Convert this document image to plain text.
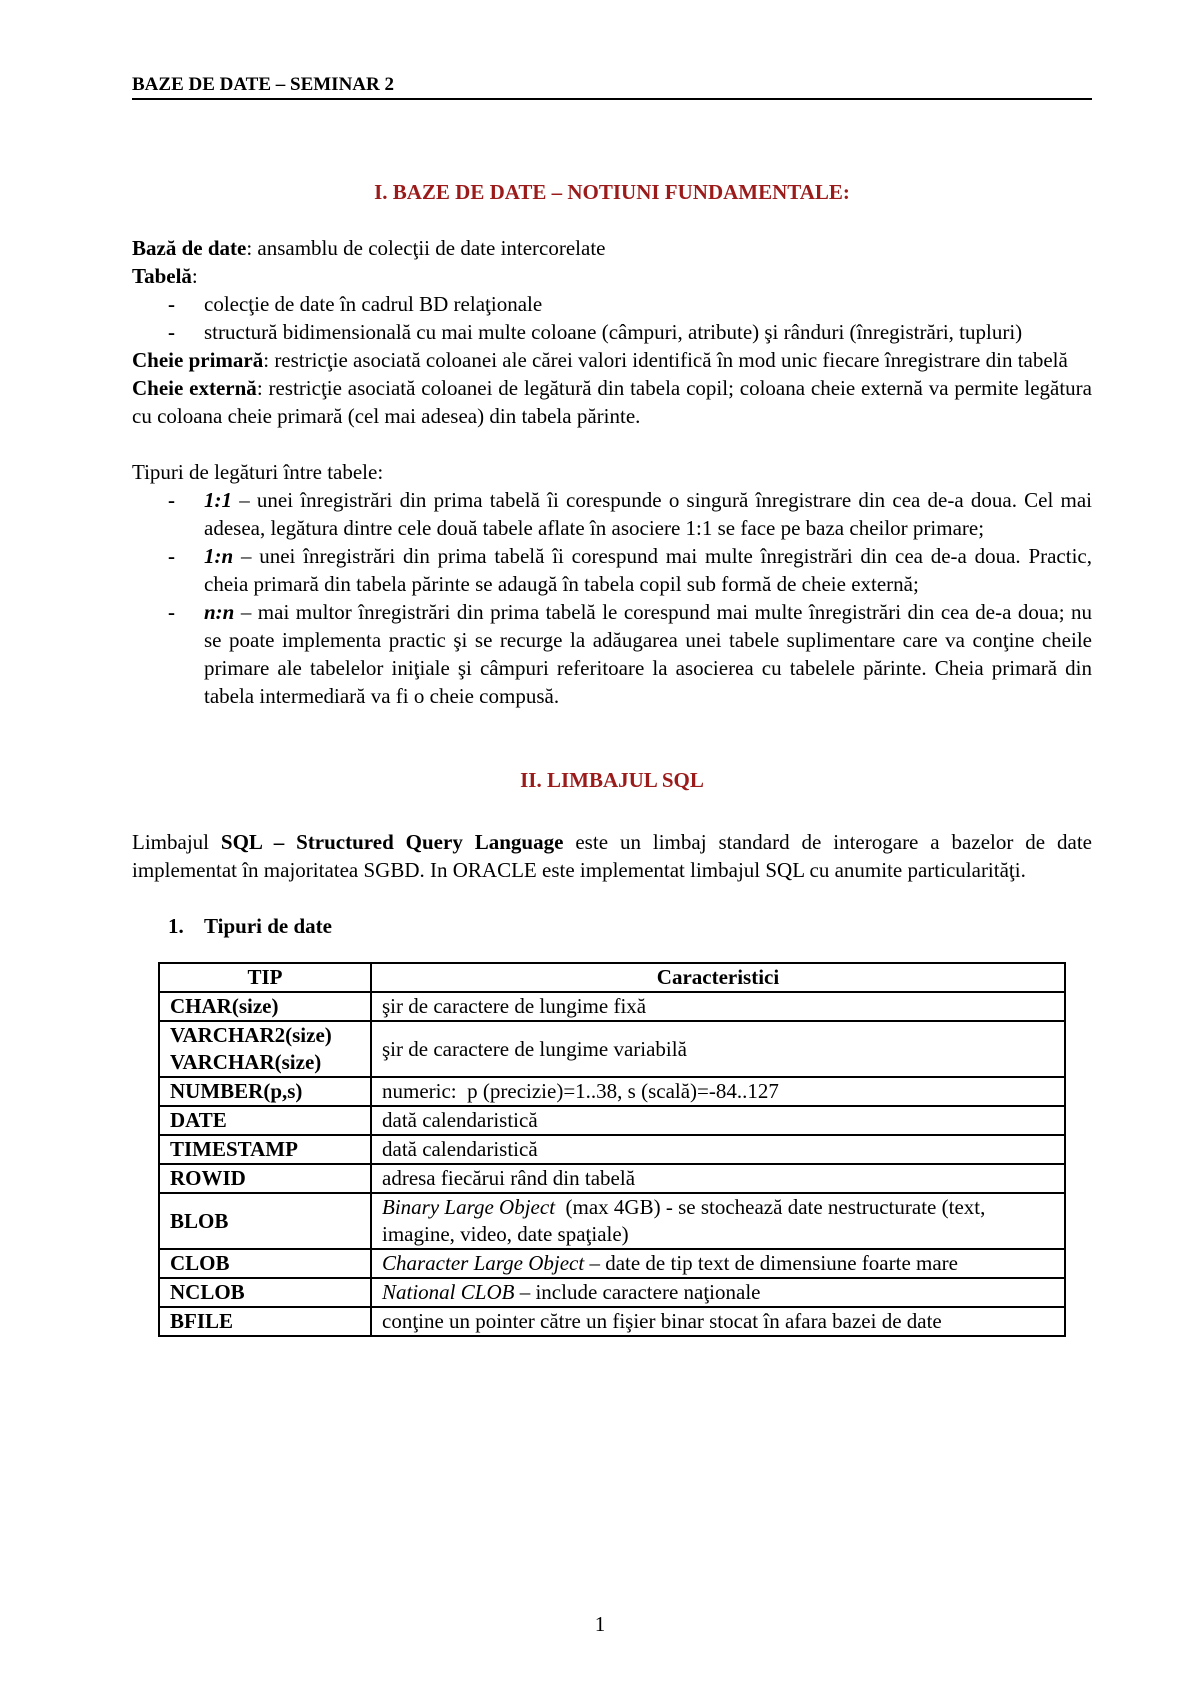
BAZE DE DATE – SEMINAR 2

I. BAZE DE DATE – NOTIUNI FUNDAMENTALE:

Bază de date: ansamblu de colecţii de date intercorelate

Tabelă:

-	colecţie de date în cadrul BD relaţionale
-	structură bidimensională cu mai multe coloane (câmpuri, atribute) şi rânduri (înregistrări, tupluri)

Cheie primară: restricţie asociată coloanei ale cărei valori identifică în mod unic fiecare înregistrare din tabelă

Cheie externă: restricţie asociată coloanei de legătură din tabela copil; coloana cheie externă va permite legătura cu coloana cheie primară (cel mai adesea) din tabela părinte.

Tipuri de legături între tabele:

-	1:1 – unei înregistrări din prima tabelă îi corespunde o singură înregistrare din cea de-a doua. Cel mai adesea, legătura dintre cele două tabele aflate în asociere 1:1 se face pe baza cheilor primare;
-	1:n – unei înregistrări din prima tabelă îi corespund mai multe înregistrări din cea de-a doua. Practic, cheia primară din tabela părinte se adaugă în tabela copil sub formă de cheie externă;
-	n:n – mai multor înregistrări din prima tabelă le corespund mai multe înregistrări din cea de-a doua; nu se poate implementa practic şi se recurge la adăugarea unei tabele suplimentare care va conţine cheile primare ale tabelelor iniţiale şi câmpuri referitoare la asocierea cu tabelele părinte. Cheia primară din tabela intermediară va fi o cheie compusă.

II. LIMBAJUL SQL

Limbajul SQL – Structured Query Language este un limbaj standard de interogare a bazelor de date implementat în majoritatea SGBD. In ORACLE este implementat limbajul SQL cu anumite particularităţi.

1. Tipuri de date

TIP	Caracteristici
CHAR(size)	şir de caractere de lungime fixă
VARCHAR2(size)
VARCHAR(size)	şir de caractere de lungime variabilă
NUMBER(p,s)	numeric:  p (precizie)=1..38, s (scală)=-84..127
DATE	dată calendaristică
TIMESTAMP	dată calendaristică
ROWID	adresa fiecărui rând din tabelă
BLOB	Binary Large Object  (max 4GB) - se stochează date nestructurate (text, imagine, video, date spaţiale)
CLOB	Character Large Object – date de tip text de dimensiune foarte mare
NCLOB	National CLOB – include caractere naţionale
BFILE	conţine un pointer către un fişier binar stocat în afara bazei de date
1
